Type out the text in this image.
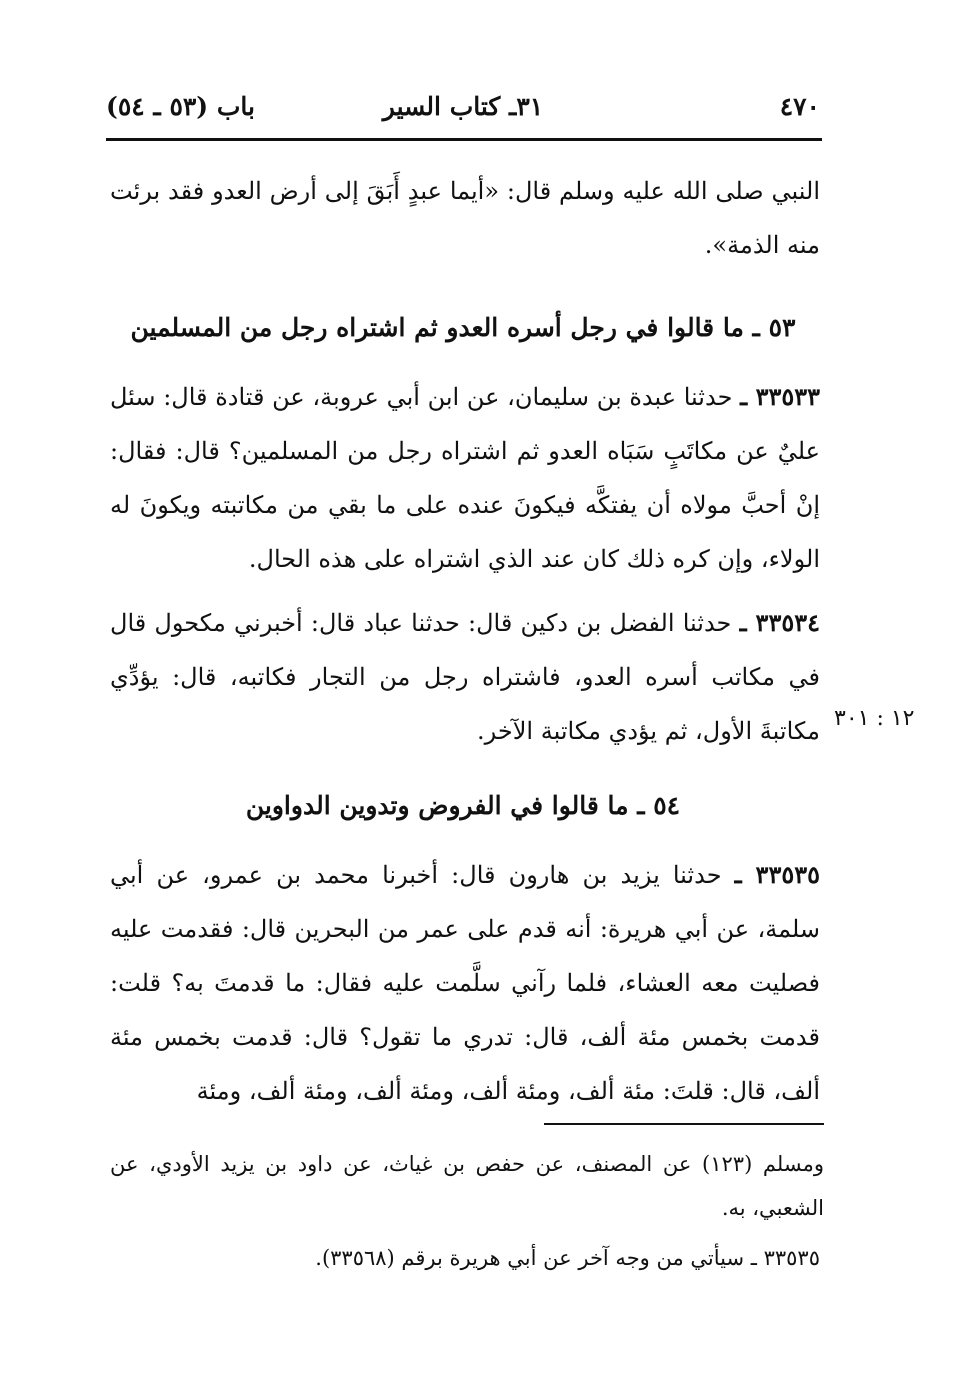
٤٧٠
٣١ـ كتاب السير
باب (٥٣ ـ ٥٤)

النبي صلى الله عليه وسلم قال: «أيما عبدٍ أَبَقَ إلى أرض العدو فقد برئت منه الذمة».

٥٣ ـ ما قالوا في رجل أسره العدو ثم اشتراه رجل من المسلمين

٣٣٥٣٣ ـ حدثنا عبدة بن سليمان، عن ابن أبي عروبة، عن قتادة قال: سئل عليٌ عن مكاتَبٍ سَبَاه العدو ثم اشتراه رجل من المسلمين؟ قال: فقال: إنْ أحبَّ مولاه أن يفتكَّه فيكونَ عنده على ما بقي من مكاتبته ويكونَ له الولاء، وإن كره ذلك كان عند الذي اشتراه على هذه الحال.

٣٣٥٣٤ ـ حدثنا الفضل بن دكين قال: حدثنا عباد قال: أخبرني مكحول قال في مكاتب أسره العدو، فاشتراه رجل من التجار فكاتبه، قال: يؤدِّي مكاتبةَ الأول، ثم يؤدي مكاتبة الآخر. ١٢ : ٣٠١
٥٤ ـ ما قالوا في الفروض وتدوين الدواوين

٣٣٥٣٥ ـ حدثنا يزيد بن هارون قال: أخبرنا محمد بن عمرو، عن أبي سلمة، عن أبي هريرة: أنه قدم على عمر من البحرين قال: فقدمت عليه فصليت معه العشاء، فلما رآني سلَّمت عليه فقال: ما قدمتَ به؟ قلت: قدمت بخمس مئة ألف، قال: تدري ما تقول؟ قال: قدمت بخمس مئة ألف، قال: قلتَ: مئة ألف، ومئة ألف، ومئة ألف، ومئة ألف، ومئة

ومسلم (١٢٣) عن المصنف، عن حفص بن غياث، عن داود بن يزيد الأودي، عن الشعبي، به.

٣٣٥٣٥ ـ سيأتي من وجه آخر عن أبي هريرة برقم (٣٣٥٦٨).
